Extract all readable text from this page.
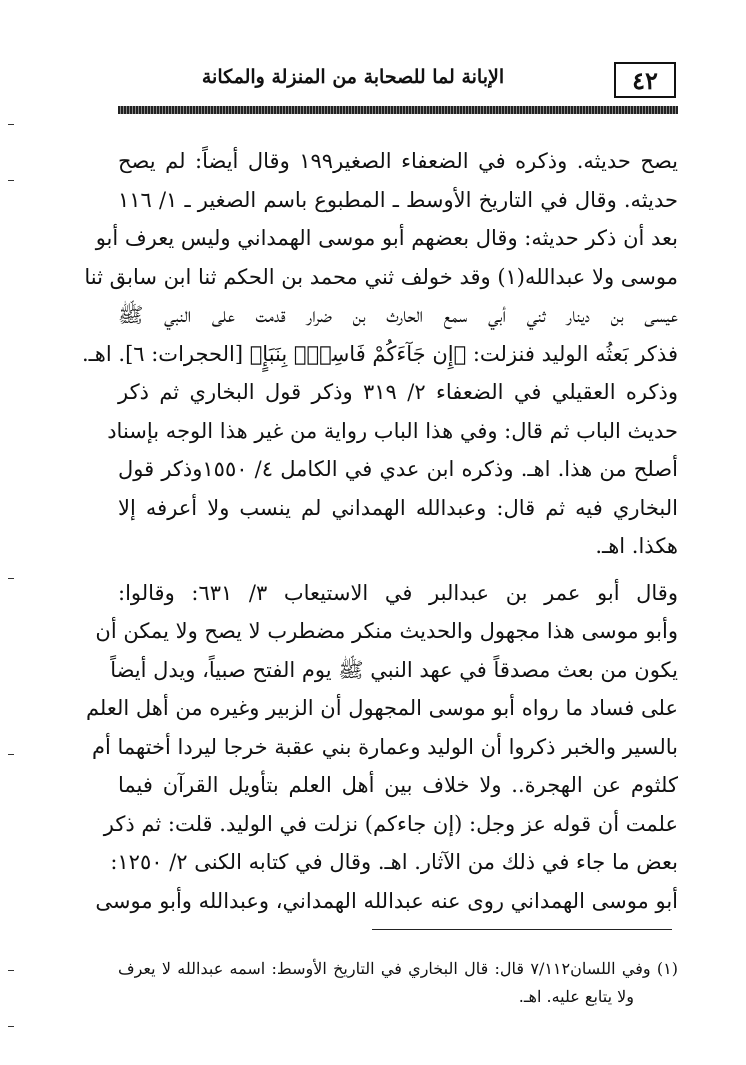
٤٢
الإبانة لما للصحابة من المنزلة والمكانة
يصح حديثه. وذكره في الضعفاء الصغير١٩٩ وقال أيضاً: لم يصح
حديثه. وقال في التاريخ الأوسط ـ المطبوع باسم الصغير ـ ١/ ١١٦
بعد أن ذكر حديثه: وقال بعضهم أبو موسى الهمداني وليس يعرف أبو
موسى ولا عبدالله(١) وقد خولف ثني محمد بن الحكم ثنا ابن سابق ثنا
عيسى بن دينار ثني أبي سمع الحارث بن ضرار قدمت على النبي ﷺ
فذكر بَعثُه الوليد فنزلت: ﴿إِن جَآءَكُمْ فَاسِقُۢ بِنَبَإٍ﴾ [الحجرات: ٦]. اهـ.
وذكره العقيلي في الضعفاء ٢/ ٣١٩ وذكر قول البخاري ثم ذكر
حديث الباب ثم قال: وفي هذا الباب رواية من غير هذا الوجه بإسناد
أصلح من هذا. اهـ. وذكره ابن عدي في الكامل ٤/ ١٥٥٠وذكر قول
البخاري فيه ثم قال: وعبدالله الهمداني لم ينسب ولا أعرفه إلا
هكذا. اهـ.
وقال أبو عمر بن عبدالبر في الاستيعاب ٣/ ٦٣١: وقالوا:
وأبو موسى هذا مجهول والحديث منكر مضطرب لا يصح ولا يمكن أن
يكون من بعث مصدقاً في عهد النبي ﷺ يوم الفتح صبياً، ويدل أيضاً
على فساد ما رواه أبو موسى المجهول أن الزبير وغيره من أهل العلم
بالسير والخبر ذكروا أن الوليد وعمارة بني عقبة خرجا ليردا أختهما أم
كلثوم عن الهجرة.. ولا خلاف بين أهل العلم بتأويل القرآن فيما
علمت أن قوله عز وجل: (إن جاءكم) نزلت في الوليد. قلت: ثم ذكر
بعض ما جاء في ذلك من الآثار. اهـ. وقال في كتابه الكنى ٢/ ١٢٥٠:
أبو موسى الهمداني روى عنه عبدالله الهمداني، وعبدالله وأبو موسى
(١) وفي اللسان٧/١١٢ قال: قال البخاري في التاريخ الأوسط: اسمه عبدالله لا يعرف
ولا يتابع عليه. اهـ.
